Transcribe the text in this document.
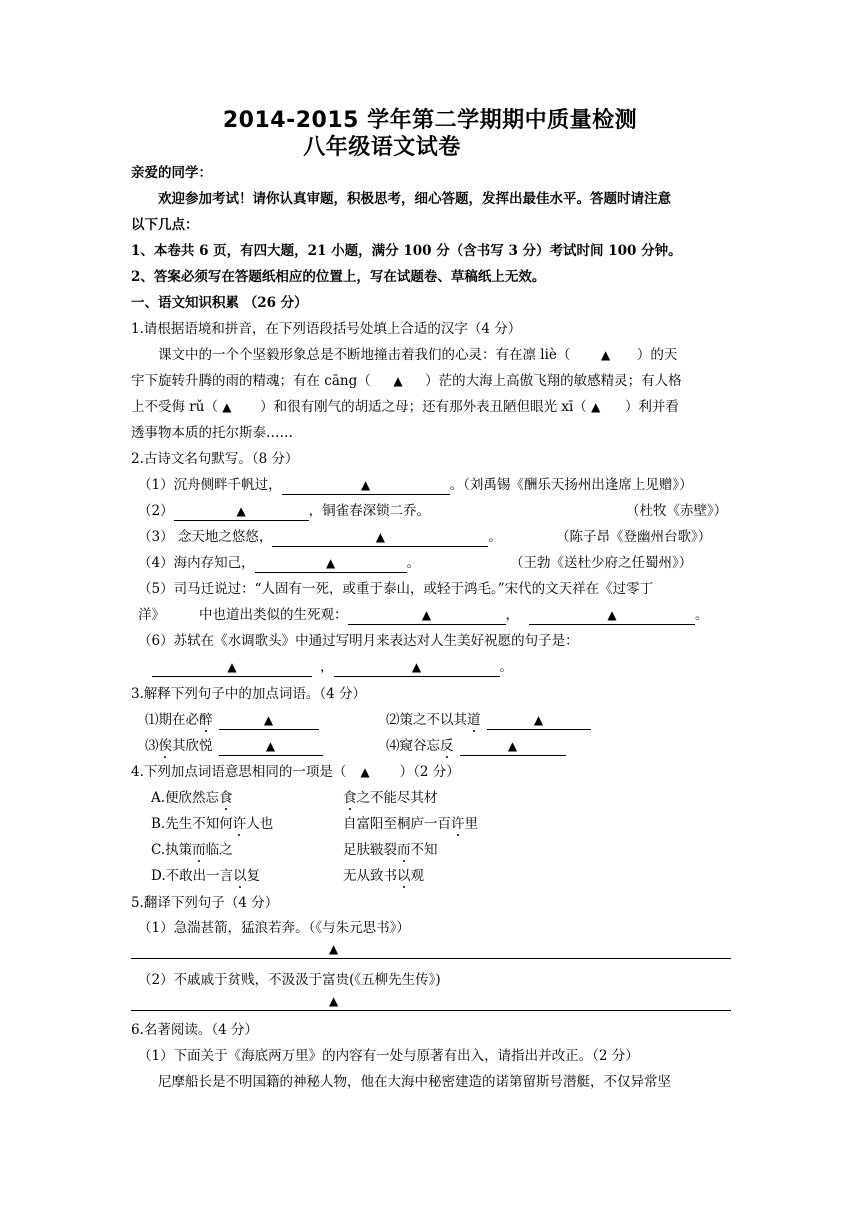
2014-2015 学年第二学期期中质量检测
八年级语文试卷
亲爱的同学：
欢迎参加考试！请你认真审题，积极思考，细心答题，发挥出最佳水平。答题时请注意
以下几点：
1、本卷共 6 页，有四大题，21 小题，满分 100 分（含书写 3 分）考试时间 100 分钟。
2、答案必须写在答题纸相应的位置上，写在试题卷、草稿纸上无效。
一、语文知识积累 （26 分）
1.请根据语境和拼音，在下列语段括号处填上合适的汉字（4 分）
课文中的一个个坚毅形象总是不断地撞击着我们的心灵：有在凛 liè（	▲ ）的天
宇下旋转升腾的雨的精魂；有在 cāng（ ▲ ）茫的大海上高傲飞翔的敏感精灵；有人格
上不受侮 rǔ（ ▲ ）和很有刚气的胡适之母；还有那外表丑陋但眼光 xī（ ▲ ）利并看
透事物本质的托尔斯泰……
2.古诗文名句默写。（8 分）
（1）沉舟侧畔千帆过，	▲	。（刘禹锡《酬乐天扬州出逢席上见赠》）
（2）	▲	，铜雀春深锁二乔。	（杜牧《赤壁》）
（3） 念天地之悠悠，	▲	。	（陈子昂《登幽州台歌》）
（4）海内存知己，	▲	。	（王勃《送杜少府之任蜀州》）
（5）司马迁说过：“人固有一死，或重于泰山，或轻于鸿毛。”宋代的文天祥在《过零丁
洋》	中也道出类似的生死观：	▲	，	▲	。
（6）苏轼在《水调歌头》中通过写明月来表达对人生美好祝愿的句子是：
▲	，	▲	。
3.解释下列句子中的加点词语。（4 分）
⑴期在必醉	▲	⑵策之不以其道	▲
⑶俟其欣悦	▲	⑷窥谷忘反	▲
4.下列加点词语意思相同的一项是（ ▲ ）（2 分）
A.便欣然忘食	食之不能尽其材
B.先生不知何许人也	自富阳至桐庐一百许里
C.执策而临之	足肤皲裂而不知
D.不敢出一言以复	无从致书以观
5.翻译下列句子（4 分）
（1）急湍甚箭，猛浪若奔。（《与朱元思书》）
▲
（2）不戚戚于贫贱，不汲汲于富贵(《五柳先生传》)
▲
6.名著阅读。（4 分）
（1）下面关于《海底两万里》的内容有一处与原著有出入，请指出并改正。（2 分）
尼摩船长是不明国籍的神秘人物，他在大海中秘密建造的诺第留斯号潜艇，不仅异常坚
